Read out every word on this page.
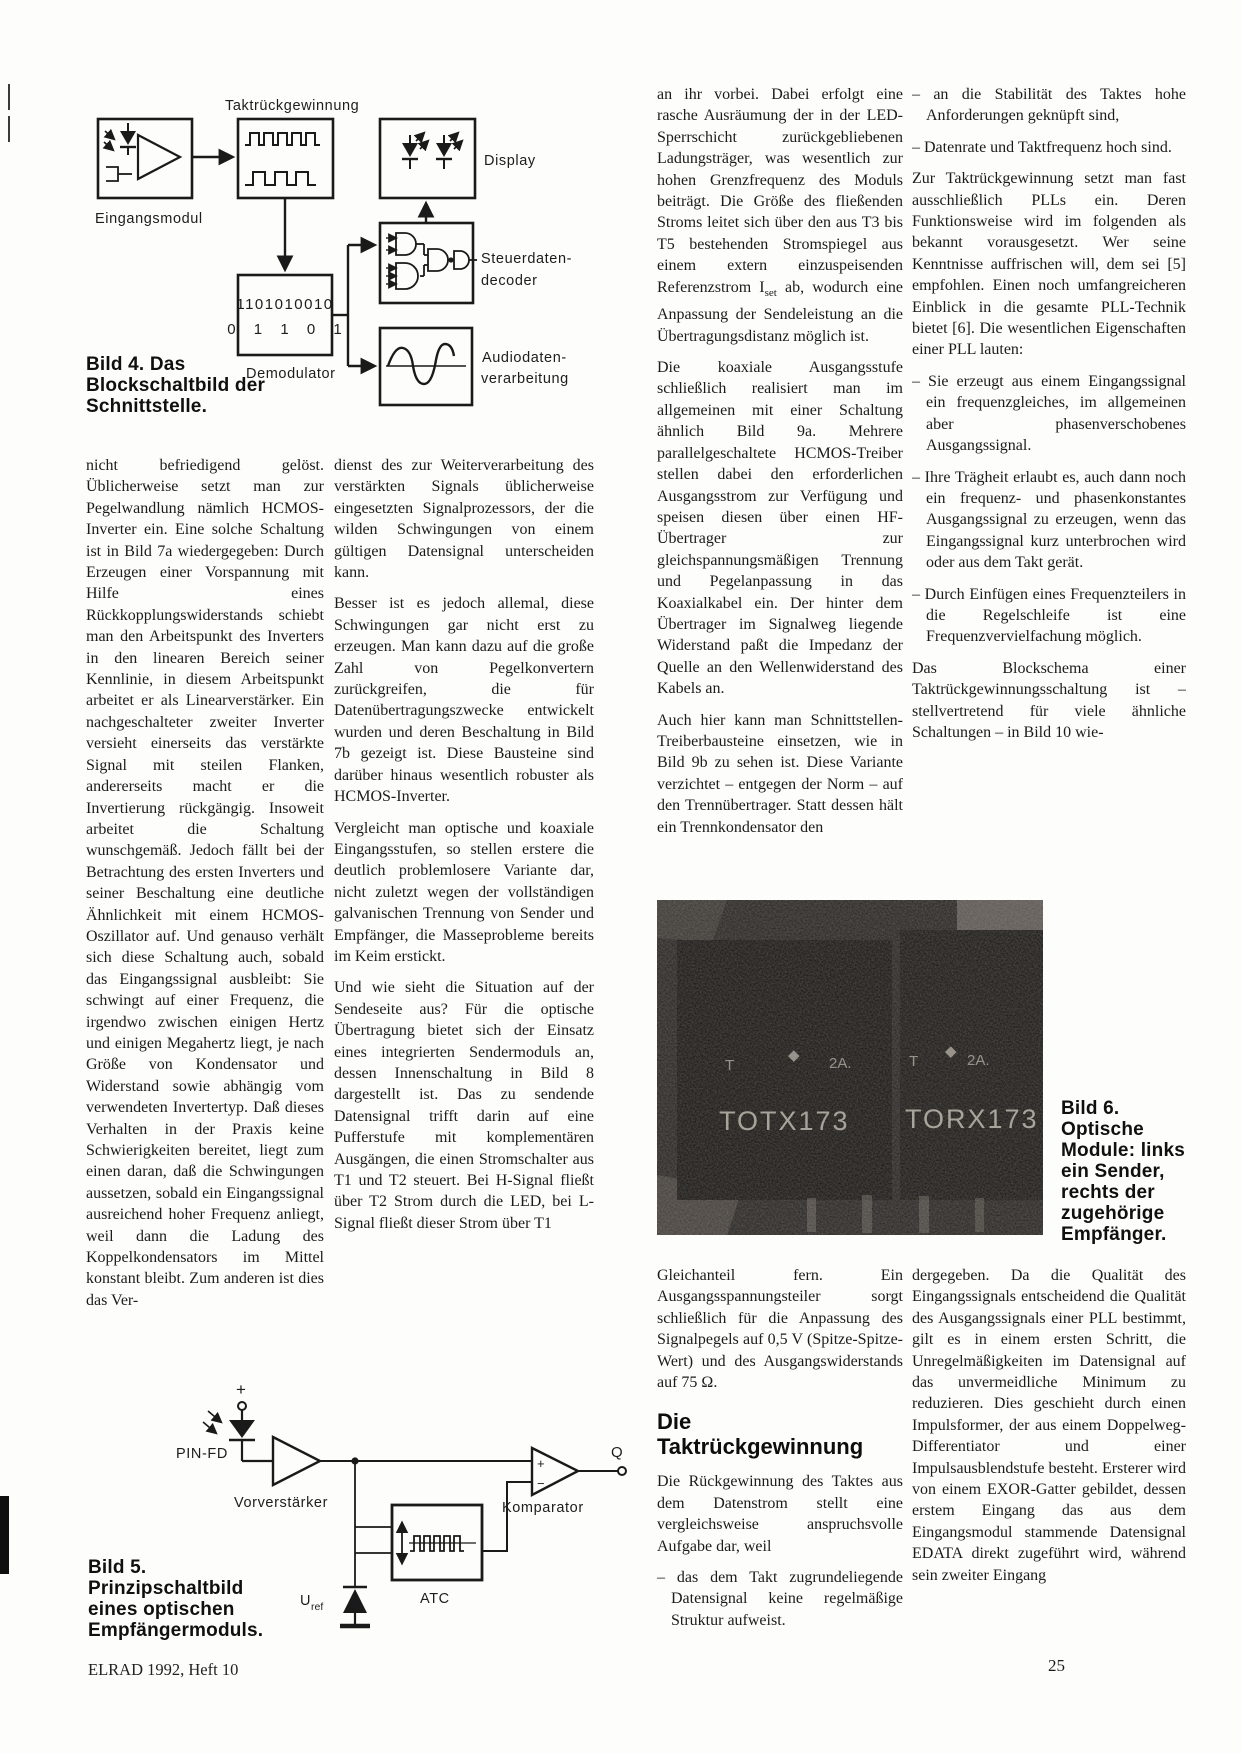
1101010010
0 1 1 0 1
Taktrückgewinnung
Eingangsmodul
Display
Steuerdaten-
decoder
Demodulator
Audiodaten-
verarbeitung
Bild 4. Das Blockschaltbild der Schnittstelle.

nicht befriedigend gelöst. Üblicherweise setzt man zur Pegelwandlung nämlich HCMOS-Inverter ein. Eine solche Schaltung ist in Bild 7a wiedergegeben: Durch Erzeugen einer Vorspannung mit Hilfe eines Rückkopplungswiderstands schiebt man den Arbeitspunkt des Inverters in den linearen Bereich seiner Kennlinie, in diesem Arbeitspunkt arbeitet er als Linearverstärker. Ein nachgeschalteter zweiter Inverter versieht einerseits das verstärkte Signal mit steilen Flanken, andererseits macht er die Invertierung rückgängig. Insoweit arbeitet die Schaltung wunschgemäß. Jedoch fällt bei der Betrachtung des ersten Inverters und seiner Beschaltung eine deutliche Ähnlichkeit mit einem HCMOS-Oszillator auf. Und genauso verhält sich diese Schaltung auch, sobald das Eingangssignal ausbleibt: Sie schwingt auf einer Frequenz, die irgendwo zwischen einigen Hertz und einigen Megahertz liegt, je nach Größe von Kondensator und Widerstand sowie abhängig vom verwendeten Invertertyp. Daß dieses Verhalten in der Praxis keine Schwierigkeiten bereitet, liegt zum einen daran, daß die Schwingungen aussetzen, sobald ein Eingangssignal ausreichend hoher Frequenz anliegt, weil dann die Ladung des Koppelkondensators im Mittel konstant bleibt. Zum anderen ist dies das Ver-

dienst des zur Weiterverarbeitung des verstärkten Signals üblicherweise eingesetzten Signalprozessors, der die wilden Schwingungen von einem gültigen Datensignal unterscheiden kann.

Besser ist es jedoch allemal, diese Schwingungen gar nicht erst zu erzeugen. Man kann dazu auf die große Zahl von Pegelkonvertern zurückgreifen, die für Datenübertragungszwecke entwickelt wurden und deren Beschaltung in Bild 7b gezeigt ist. Diese Bausteine sind darüber hinaus wesentlich robuster als HCMOS-Inverter.

Vergleicht man optische und koaxiale Eingangsstufen, so stellen erstere die deutlich problemlosere Variante dar, nicht zuletzt wegen der vollständigen galvanischen Trennung von Sender und Empfänger, die Masseprobleme bereits im Keim erstickt.

Und wie sieht die Situation auf der Sendeseite aus? Für die optische Übertragung bietet sich der Einsatz eines integrierten Sendermoduls an, dessen Innenschaltung in Bild 8 dargestellt ist. Das zu sendende Datensignal trifft darin auf eine Pufferstufe mit komplementären Ausgängen, die einen Stromschalter aus T1 und T2 steuert. Bei H-Signal fließt über T2 Strom durch die LED, bei L-Signal fließt dieser Strom über T1

an ihr vorbei. Dabei erfolgt eine rasche Ausräumung der in der LED-Sperrschicht zurückgebliebenen Ladungsträger, was wesentlich zur hohen Grenzfrequenz des Moduls beiträgt. Die Größe des fließenden Stroms leitet sich über den aus T3 bis T5 bestehenden Stromspiegel aus einem extern einzuspeisenden Referenzstrom $I_{set}$ ab, wodurch eine Anpassung der Sendeleistung an die Übertragungsdistanz möglich ist.

Die koaxiale Ausgangsstufe schließlich realisiert man im allgemeinen mit einer Schaltung ähnlich Bild 9a. Mehrere parallelgeschaltete HCMOS-Treiber stellen dabei den erforderlichen Ausgangsstrom zur Verfügung und speisen diesen über einen HF-Übertrager zur gleichspannungsmäßigen Trennung und Pegelanpassung in das Koaxialkabel ein. Der hinter dem Übertrager im Signalweg liegende Widerstand paßt die Impedanz der Quelle an den Wellenwiderstand des Kabels an.

Auch hier kann man Schnittstellen-Treiberbausteine einsetzen, wie in Bild 9b zu sehen ist. Diese Variante verzichtet – entgegen der Norm – auf den Trennübertrager. Statt dessen hält ein Trennkondensator den

– an die Stabilität des Taktes hohe Anforderungen geknüpft sind,

– Datenrate und Taktfrequenz hoch sind.

Zur Taktrückgewinnung setzt man fast ausschließlich PLLs ein. Deren Funktionsweise wird im folgenden als bekannt vorausgesetzt. Wer seine Kenntnisse auffrischen will, dem sei [5] empfohlen. Einen noch umfangreicheren Einblick in die gesamte PLL-Technik bietet [6]. Die wesentlichen Eigenschaften einer PLL lauten:

– Sie erzeugt aus einem Eingangssignal ein frequenzgleiches, im allgemeinen aber phasenverschobenes Ausgangssignal.

– Ihre Trägheit erlaubt es, auch dann noch ein frequenz- und phasenkonstantes Ausgangssignal zu erzeugen, wenn das Eingangssignal kurz unterbrochen wird oder aus dem Takt gerät.

– Durch Einfügen eines Frequenzteilers in die Regelschleife ist eine Frequenzvervielfachung möglich.

Das Blockschema einer Taktrückgewinnungsschaltung ist – stellvertretend für viele ähnliche Schaltungen – in Bild 10 wie-

T
◆ 2A.
TOTX173
T
◆
2A.
TORX173 Bild 6. Optische Module: links ein Sender, rechts der zugehörige Empfänger.

Gleichanteil fern. Ein Ausgangsspannungsteiler sorgt schließlich für die Anpassung des Signalpegels auf 0,5 V (Spitze-Spitze-Wert) und des Ausgangswiderstands auf 75 Ω.

Die
Taktrückgewinnung

Die Rückgewinnung des Taktes aus dem Datenstrom stellt eine vergleichsweise anspruchsvolle Aufgabe dar, weil

– das dem Takt zugrundeliegende Datensignal keine regelmäßige Struktur aufweist.

dergegeben. Da die Qualität des Eingangssignals entscheidend die Qualität des Ausgangssignals einer PLL bestimmt, gilt es in einem ersten Schritt, die Unregelmäßigkeiten im Datensignal auf das unvermeidliche Minimum zu reduzieren. Dies geschieht durch einen Impulsformer, der aus einem Doppelweg-Differentiator und einer Impulsausblendstufe besteht. Ersterer wird von einem EXOR-Gatter gebildet, dessen erstem Eingang das aus dem Eingangsmodul stammende Datensignal EDATA direkt zugeführt wird, während sein zweiter Eingang

+
PIN-FD
Vorverstärker
ATC
U ref
+
−
Komparator
Q
Bild 5. Prinzipschaltbild eines optischen Empfängermoduls.
ELRAD 1992, Heft 10	25
